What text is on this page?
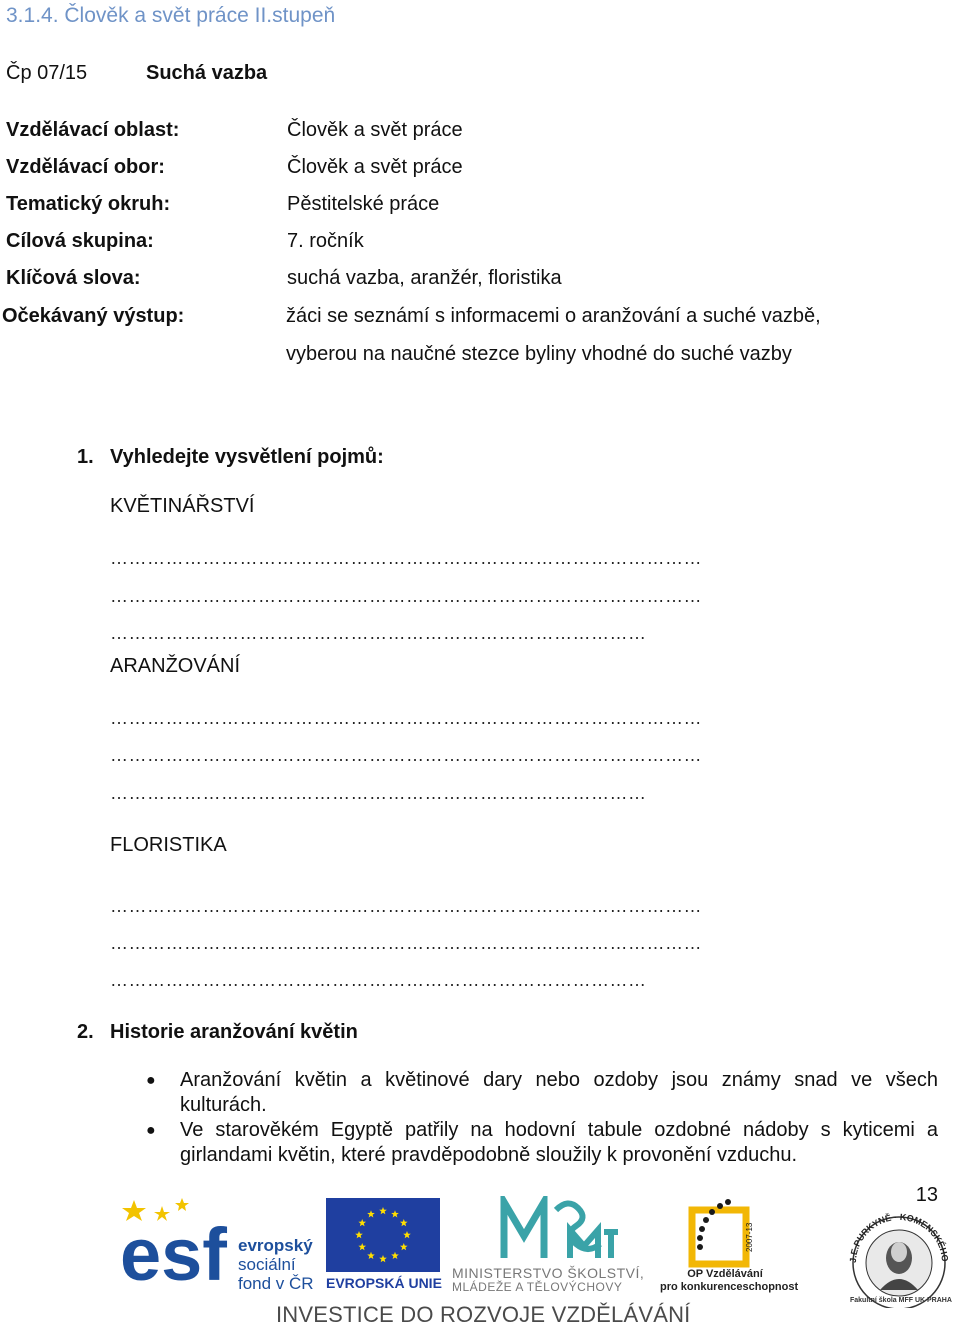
3.1.4. Člověk a svět práce II.stupeň
Čp 07/15	Suchá vazba
Vzdělávací oblast:	Člověk a svět práce
Vzdělávací obor:	Člověk a svět práce
Tematický okruh:	Pěstitelské práce
Cílová skupina:	7. ročník
Klíčová slova:	suchá vazba, aranžér, floristika
Očekávaný výstup:	žáci se seznámí s informacemi o aranžování a suché vazbě,
vyberou na naučné stezce byliny vhodné do suché vazby
1. Vyhledejte vysvětlení pojmů:
KVĚTINÁŘSTVÍ
……………………………………………………………………………………
……………………………………………………………………………………
……………………………………………………………………………
ARANŽOVÁNÍ
……………………………………………………………………………………
……………………………………………………………………………………
……………………………………………………………………………
FLORISTIKA
……………………………………………………………………………………
……………………………………………………………………………………
……………………………………………………………………………
2. Historie aranžování květin
● Aranžování květin a květinové dary nebo ozdoby jsou známy snad ve všech kulturách.
● Ve starověkém Egyptě patřily na hodovní tabule ozdobné nádoby s kyticemi a girlandami květin, které pravděpodobně sloužily k provonění vzduchu.
13
esf evropský
sociální
fond v ČR EVROPSKÁ UNIE
MINISTERSTVO ŠKOLSTVÍ,
MLÁDEŽE A TĚLOVÝCHOVY
2007-13
OP Vzdělávání
pro konkurenceschopnost
J.E.PURKYNĚ · KOMENSKÉHO
Fakultní škola MFF UK PRAHA
INVESTICE DO ROZVOJE VZDĚLÁVÁNÍ
